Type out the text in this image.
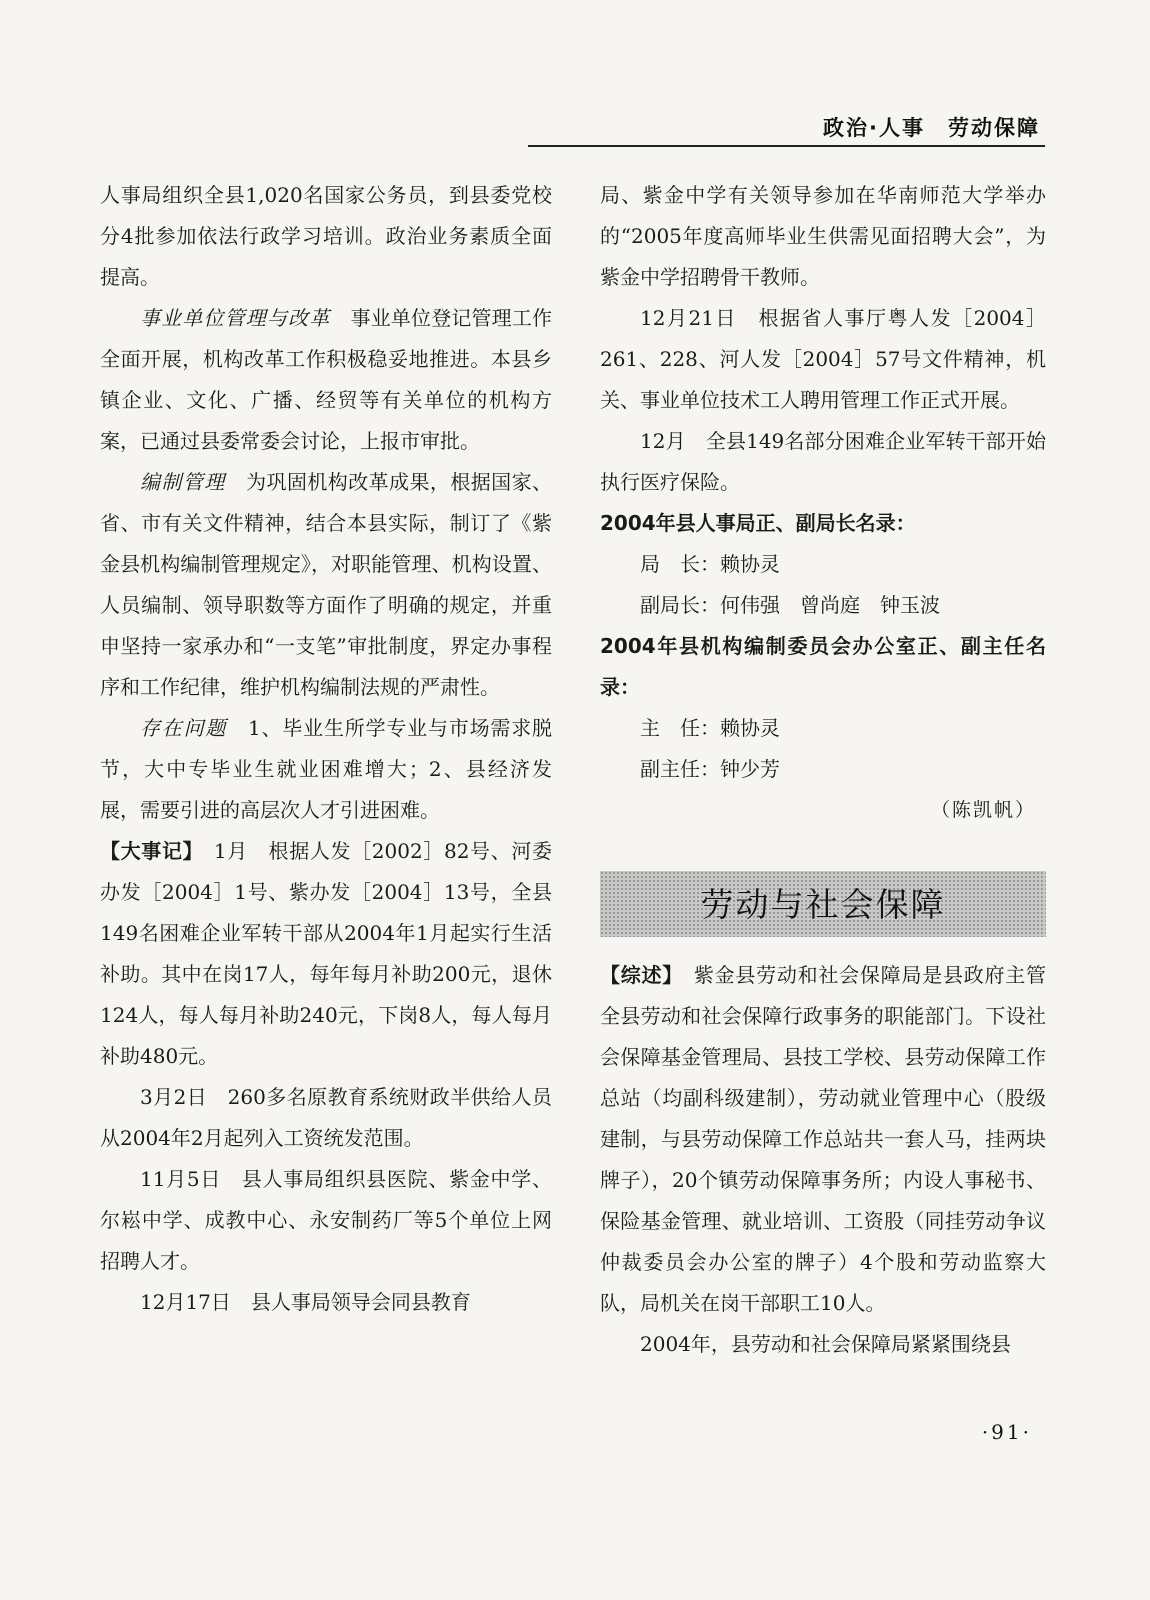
政治·人事　劳动保障

人事局组织全县1,020名国家公务员，到县委党校分4批参加依法行政学习培训。政治业务素质全面提高。

事业单位管理与改革　事业单位登记管理工作全面开展，机构改革工作积极稳妥地推进。本县乡镇企业、文化、广播、经贸等有关单位的机构方案，已通过县委常委会讨论，上报市审批。

编制管理　为巩固机构改革成果，根据国家、省、市有关文件精神，结合本县实际，制订了《紫金县机构编制管理规定》，对职能管理、机构设置、人员编制、领导职数等方面作了明确的规定，并重申坚持一家承办和“一支笔”审批制度，界定办事程序和工作纪律，维护机构编制法规的严肃性。

存在问题　1、毕业生所学专业与市场需求脱节，大中专毕业生就业困难增大；2、县经济发展，需要引进的高层次人才引进困难。

【大事记】　1月　根据人发［2002］82号、河委办发［2004］1号、紫办发［2004］13号，全县149名困难企业军转干部从2004年1月起实行生活补助。其中在岗17人，每年每月补助200元，退休124人，每人每月补助240元，下岗8人，每人每月补助480元。

3月2日　260多名原教育系统财政半供给人员从2004年2月起列入工资统发范围。

11月5日　县人事局组织县医院、紫金中学、尔崧中学、成教中心、永安制药厂等5个单位上网招聘人才。

12月17日　县人事局领导会同县教育

局、紫金中学有关领导参加在华南师范大学举办的“2005年度高师毕业生供需见面招聘大会”，为紫金中学招聘骨干教师。

12月21日　根据省人事厅粤人发［2004］261、228、河人发［2004］57号文件精神，机关、事业单位技术工人聘用管理工作正式开展。

12月　全县149名部分困难企业军转干部开始执行医疗保险。

2004年县人事局正、副局长名录：

局　长：赖协灵

副局长：何伟强　曾尚庭　钟玉波

2004年县机构编制委员会办公室正、副主任名录：

主　任：赖协灵

副主任：钟少芳

（陈凯帆）

劳动与社会保障

【综述】　紫金县劳动和社会保障局是县政府主管全县劳动和社会保障行政事务的职能部门。下设社会保障基金管理局、县技工学校、县劳动保障工作总站（均副科级建制），劳动就业管理中心（股级建制，与县劳动保障工作总站共一套人马，挂两块牌子），20个镇劳动保障事务所；内设人事秘书、保险基金管理、就业培训、工资股（同挂劳动争议仲裁委员会办公室的牌子）4个股和劳动监察大队，局机关在岗干部职工10人。

2004年，县劳动和社会保障局紧紧围绕县

·91·
